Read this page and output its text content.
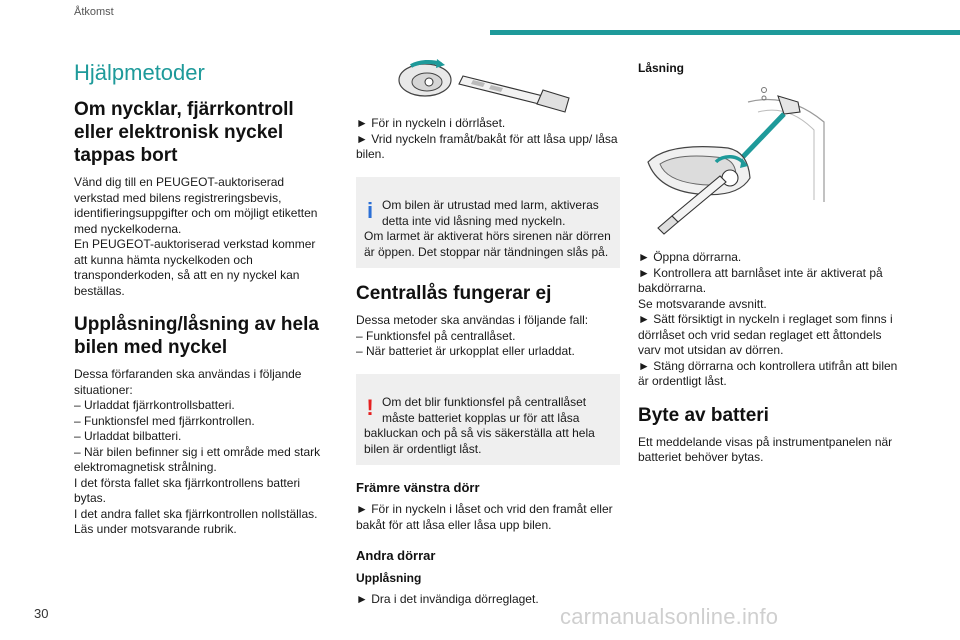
Åtkomst
Hjälpmetoder
Om nycklar, fjärrkontroll eller elektronisk nyckel tappas bort

Vänd dig till en PEUGEOT-auktoriserad verkstad med bilens registreringsbevis, identifieringsuppgifter och om möjligt etiketten med nyckelkoderna.
En PEUGEOT-auktoriserad verkstad kommer att kunna hämta nyckelkoden och transponderkoden, så att en ny nyckel kan beställas.

Upplåsning/låsning av hela bilen med nyckel

Dessa förfaranden ska användas i följande situationer:
– Urladdat fjärrkontrollsbatteri.
– Funktionsfel med fjärrkontrollen.
– Urladdat bilbatteri.
– När bilen befinner sig i ett område med stark elektromagnetisk strålning.
I det första fallet ska fjärrkontrollens batteri bytas.
I det andra fallet ska fjärrkontrollen nollställas. Läs under motsvarande rubrik.

► För in nyckeln i dörrlåset.
► Vrid nyckeln framåt/bakåt för att låsa upp/ låsa bilen.

i Om bilen är utrustad med larm, aktiveras detta inte vid låsning med nyckeln.
Om larmet är aktiverat hörs sirenen när dörren är öppen. Det stoppar när tändningen slås på.

Centrallås fungerar ej

Dessa metoder ska användas i följande fall:
– Funktionsfel på centrallåset.
– När batteriet är urkopplat eller urladdat.

! Om det blir funktionsfel på centrallåset måste batteriet kopplas ur för att låsa bakluckan och på så vis säkerställa att hela bilen är ordentligt låst.

Främre vänstra dörr

► För in nyckeln i låset och vrid den framåt eller bakåt för att låsa eller låsa upp bilen.

Andra dörrar
Upplåsning

► Dra i det invändiga dörreglaget.

Låsning

► Öppna dörrarna.
► Kontrollera att barnlåset inte är aktiverat på bakdörrarna.
Se motsvarande avsnitt.
► Sätt försiktigt in nyckeln i reglaget som finns i dörrlåset och vrid sedan reglaget ett åttondels varv mot utsidan av dörren.
► Stäng dörrarna och kontrollera utifrån att bilen är ordentligt låst.

Byte av batteri

Ett meddelande visas på instrumentpanelen när batteriet behöver bytas.

30	carmanualsonline.info
